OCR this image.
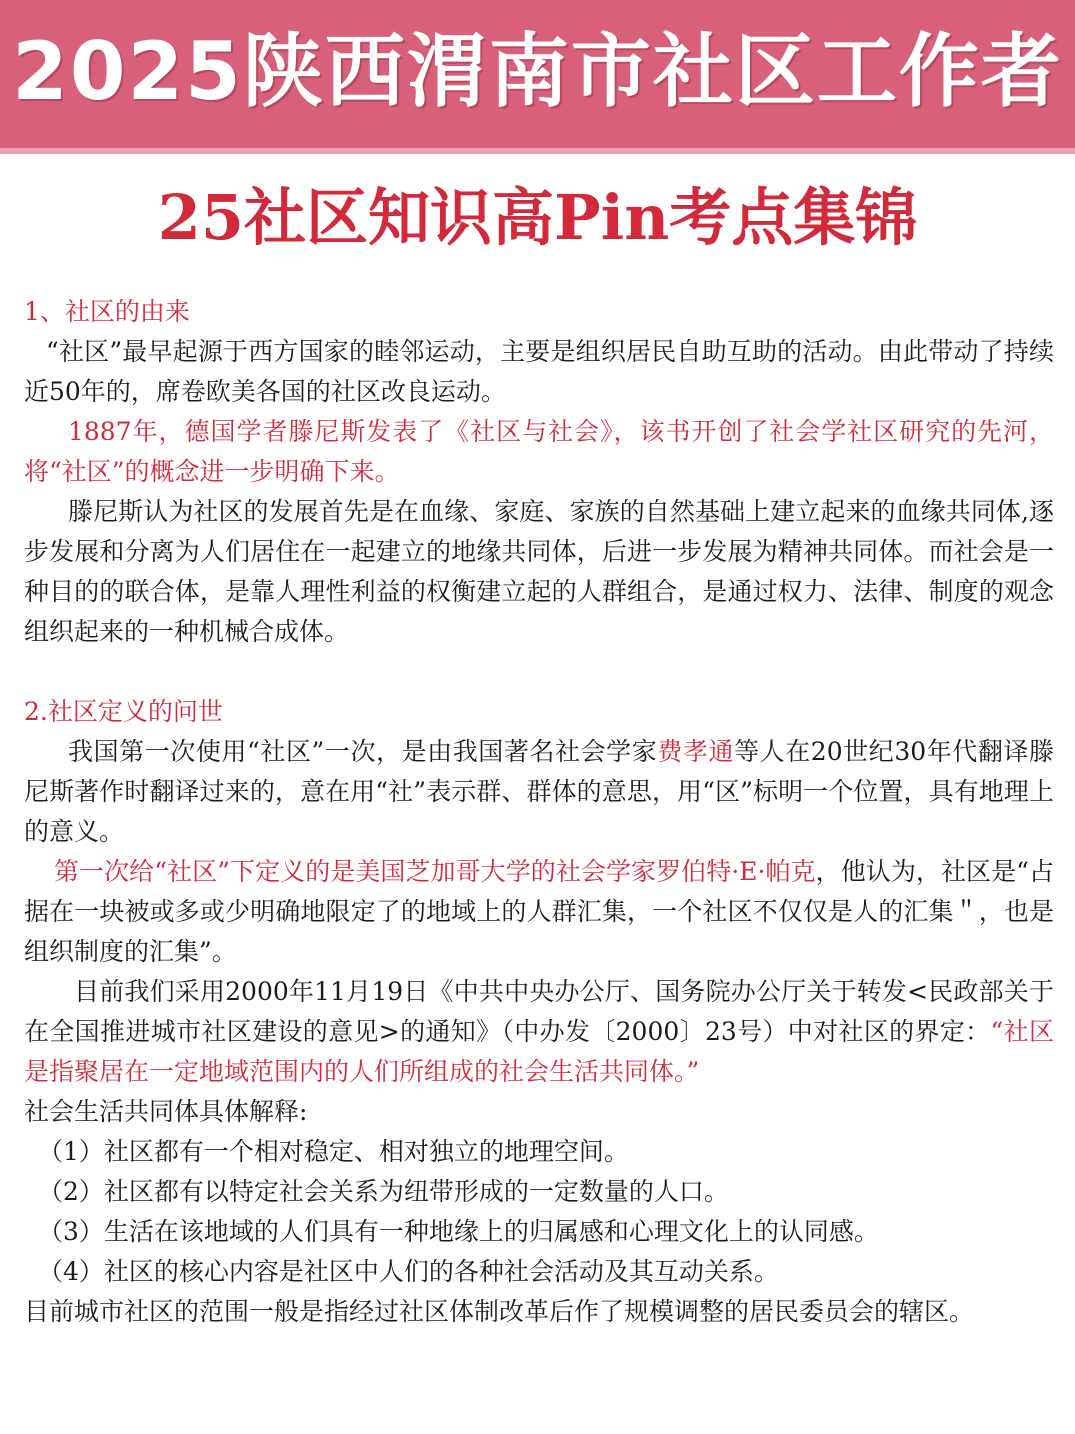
2025陕西渭南市社区工作者
25社区知识高Pin考点集锦

1、社区的由来

“社区”最早起源于西方国家的睦邻运动，主要是组织居民自助互助的活动。由此带动了持续近50年的，席卷欧美各国的社区改良运动。

1887年，德国学者滕尼斯发表了《社区与社会》，该书开创了社会学社区研究的先河，将“社区”的概念进一步明确下来。

滕尼斯认为社区的发展首先是在血缘、家庭、家族的自然基础上建立起来的血缘共同体,逐步发展和分离为人们居住在一起建立的地缘共同体，后进一步发展为精神共同体。而社会是一种目的的联合体，是靠人理性利益的权衡建立起的人群组合，是通过权力、法律、制度的观念组织起来的一种机械合成体。

2.社区定义的问世

我国第一次使用“社区”一次，是由我国著名社会学家费孝通等人在20世纪30年代翻译滕尼斯著作时翻译过来的，意在用“社”表示群、群体的意思，用“区”标明一个位置，具有地理上的意义。

第一次给“社区”下定义的是美国芝加哥大学的社会学家罗伯特·E·帕克，他认为，社区是“占据在一块被或多或少明确地限定了的地域上的人群汇集，一个社区不仅仅是人的汇集＂，也是组织制度的汇集”。

目前我们采用2000年11月19日《中共中央办公厅、国务院办公厅关于转发<民政部关于在全国推进城市社区建设的意见>的通知》（中办发〔2000〕23号）中对社区的界定：“社区是指聚居在一定地域范围内的人们所组成的社会生活共同体。”

社会生活共同体具体解释:

（1）社区都有一个相对稳定、相对独立的地理空间。

（2）社区都有以特定社会关系为纽带形成的一定数量的人口。

（3）生活在该地域的人们具有一种地缘上的归属感和心理文化上的认同感。

（4）社区的核心内容是社区中人们的各种社会活动及其互动关系。

目前城市社区的范围一般是指经过社区体制改革后作了规模调整的居民委员会的辖区。
